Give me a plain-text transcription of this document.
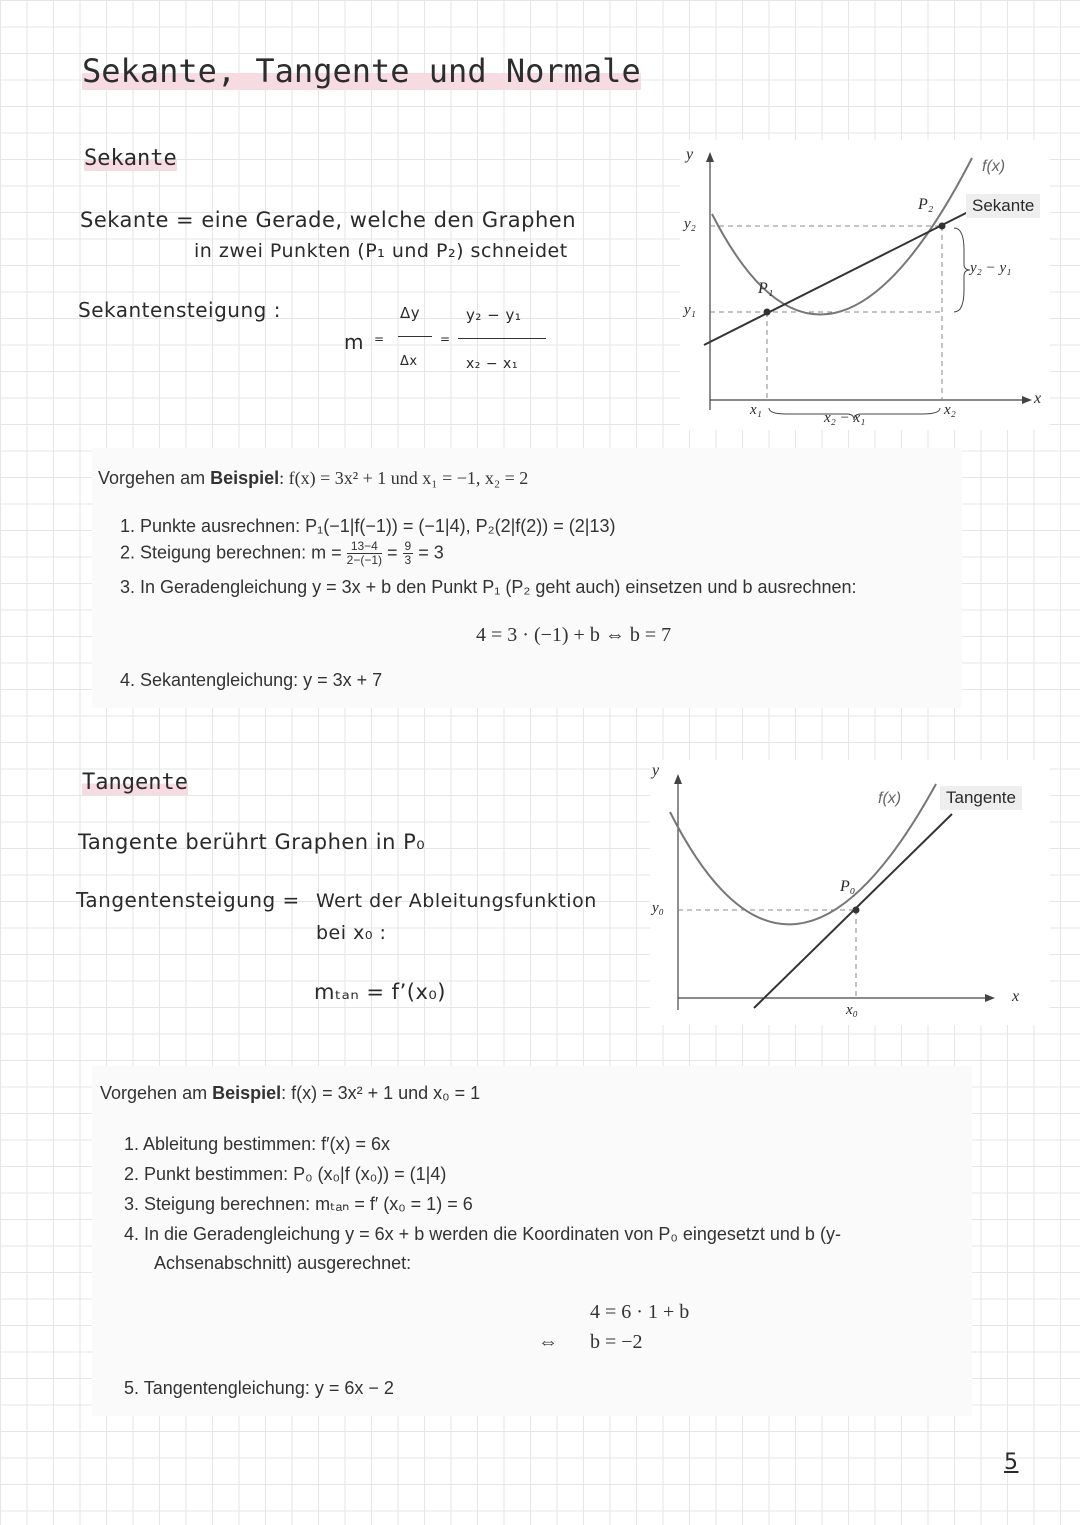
Sekante, Tangente und Normale
Sekante
Sekante = eine Gerade, welche den Graphen
in zwei Punkten (P₁ und P₂) schneidet
Sekantensteigung :
m =
Δy
Δx
=
y₂ − y₁
x₂ − x₁
y
x
f(x)
Sekante
P₁
P₂
y₁
y₂
x₁	x₂
x₂ − x₁
y₂ − y₁
Vorgehen am Beispiel: f(x) = 3x² + 1 und x₁ = −1, x₂ = 2
1. Punkte ausrechnen: P₁(−1|f(−1)) = (−1|4), P₂(2|f(2)) = (2|13)
2. Steigung berechnen: $m = \frac{13-4}{2-(-1)} = \frac{9}{3} = 3$
3. In Geradengleichung y = 3x + b den Punkt P₁ (P₂ geht auch) einsetzen und b ausrechnen:
4 = 3 · (−1) + b ⇔ b = 7
4. Sekantengleichung: y = 3x + 7
Tangente
Tangente berührt Graphen in P₀
Tangentensteigung = Wert der Ableitungsfunktion
bei x₀ :
mₜₐₙ = f’(x₀)
y
x
f(x)	Tangente
P₀
y₀
x₀
Vorgehen am Beispiel: f(x) = 3x² + 1 und x₀ = 1
1. Ableitung bestimmen: f′(x) = 6x
2. Punkt bestimmen: P₀ (x₀|f (x₀)) = (1|4)
3. Steigung berechnen: mₜₐₙ = f′ (x₀ = 1) = 6
4. In die Geradengleichung y = 6x + b werden die Koordinaten von P₀ eingesetzt und b (y-
Achsenabschnitt) ausgerechnet:
4 = 6 · 1 + b
⇔ b = −2
5. Tangentengleichung: y = 6x − 2
5
